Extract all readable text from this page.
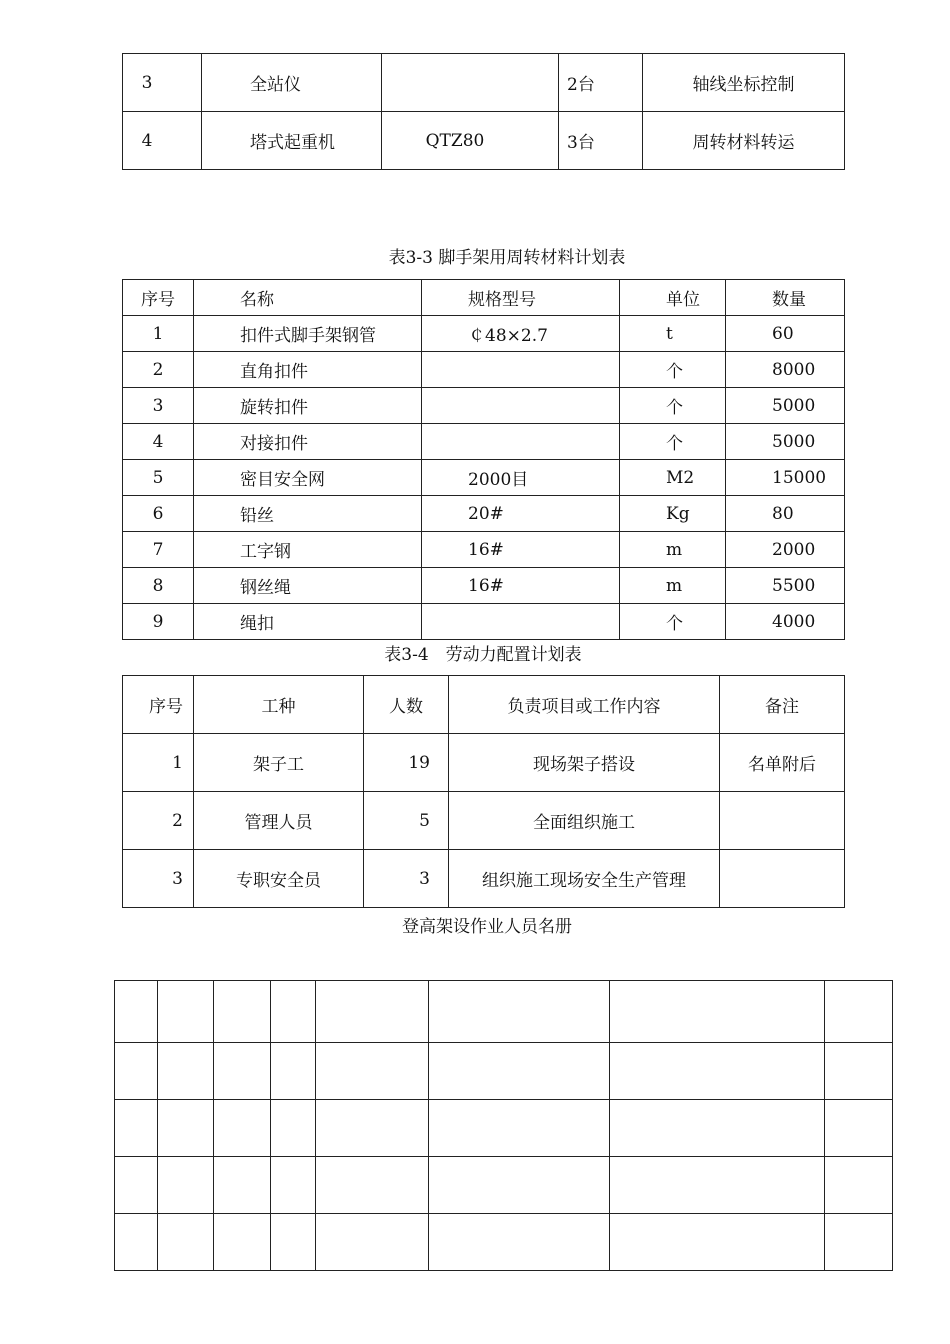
3	全站仪		2台	轴线坐标控制
4	塔式起重机	QTZ80	3台	周转材料转运
表3-3 脚手架用周转材料计划表
序号	名称	规格型号	单位	数量
1	扣件式脚手架钢管	￠48×2.7	t	60
2	直角扣件		个	8000
3	旋转扣件		个	5000
4	对接扣件		个	5000
5	密目安全网	2000目	M2	15000
6	铅丝	20#	Kg	80
7	工字钢	16#	m	2000
8	钢丝绳	16#	m	5500
9	绳扣		个	4000
表3-4　劳动力配置计划表
序号	工种	人数	负责项目或工作内容	备注
1	架子工	19	现场架子搭设	名单附后
2	管理人员	5	全面组织施工	
3	专职安全员	3	组织施工现场安全生产管理	
登高架设作业人员名册
